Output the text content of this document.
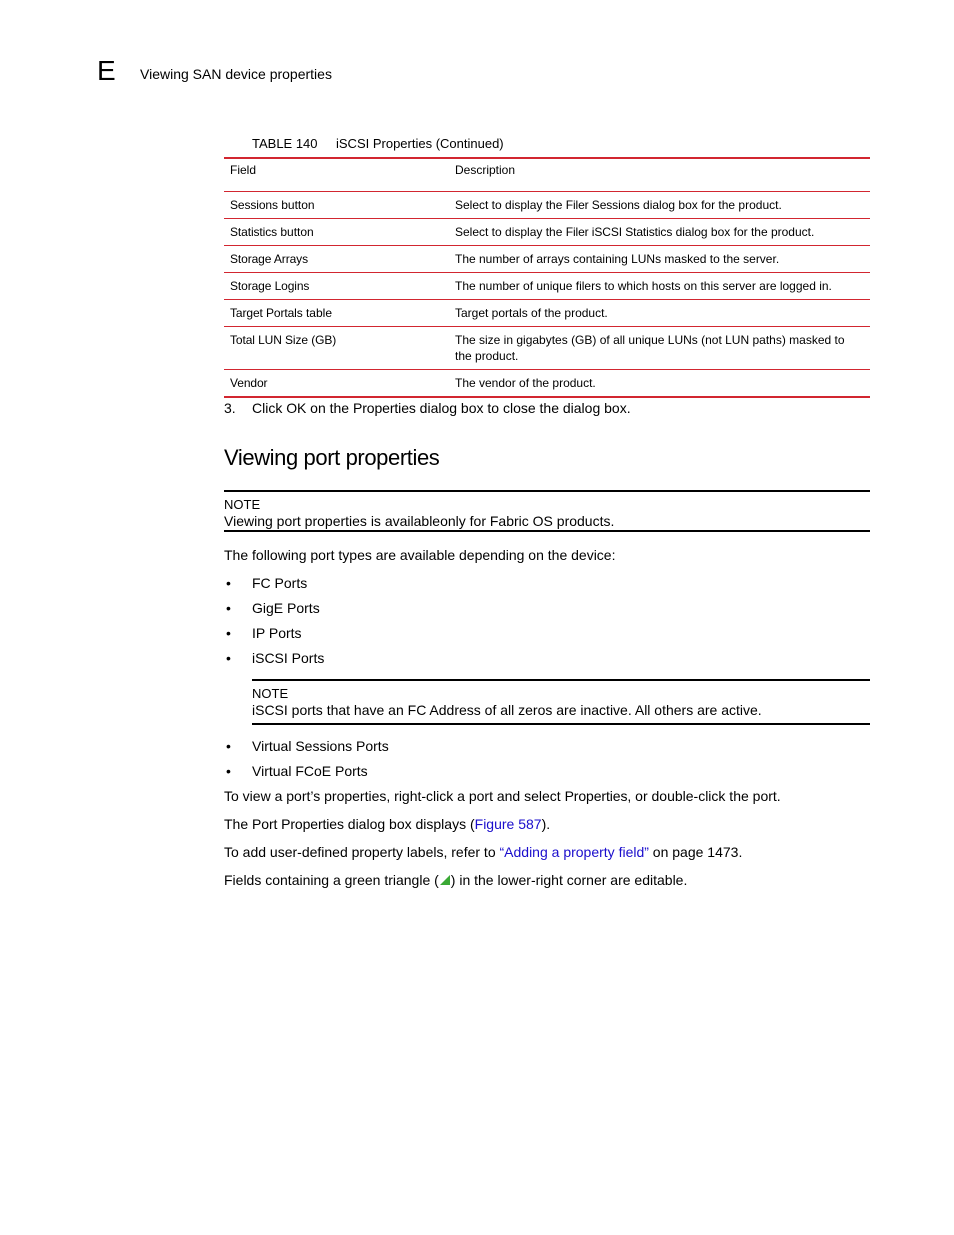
E Viewing SAN device properties
TABLE 140 iSCSI Properties (Continued)
Field	Description
Sessions button	Select to display the Filer Sessions dialog box for the product.
Statistics button	Select to display the Filer iSCSI Statistics dialog box for the product.
Storage Arrays	The number of arrays containing LUNs masked to the server.
Storage Logins	The number of unique filers to which hosts on this server are logged in.
Target Portals table	Target portals of the product.
Total LUN Size (GB)	The size in gigabytes (GB) of all unique LUNs (not LUN paths) masked to the product.
Vendor	The vendor of the product.
3. Click OK on the Properties dialog box to close the dialog box.
Viewing port properties
NOTE
Viewing port properties is availableonly for Fabric OS products.
The following port types are available depending on the device:
• FC Ports
• GigE Ports
• IP Ports
• iSCSI Ports
NOTE
iSCSI ports that have an FC Address of all zeros are inactive. All others are active.
• Virtual Sessions Ports
• Virtual FCoE Ports
To view a port’s properties, right-click a port and select Properties, or double-click the port.
The Port Properties dialog box displays (Figure 587).
To add user-defined property labels, refer to “Adding a property field” on page 1473.
Fields containing a green triangle ( ) in the lower-right corner are editable.
